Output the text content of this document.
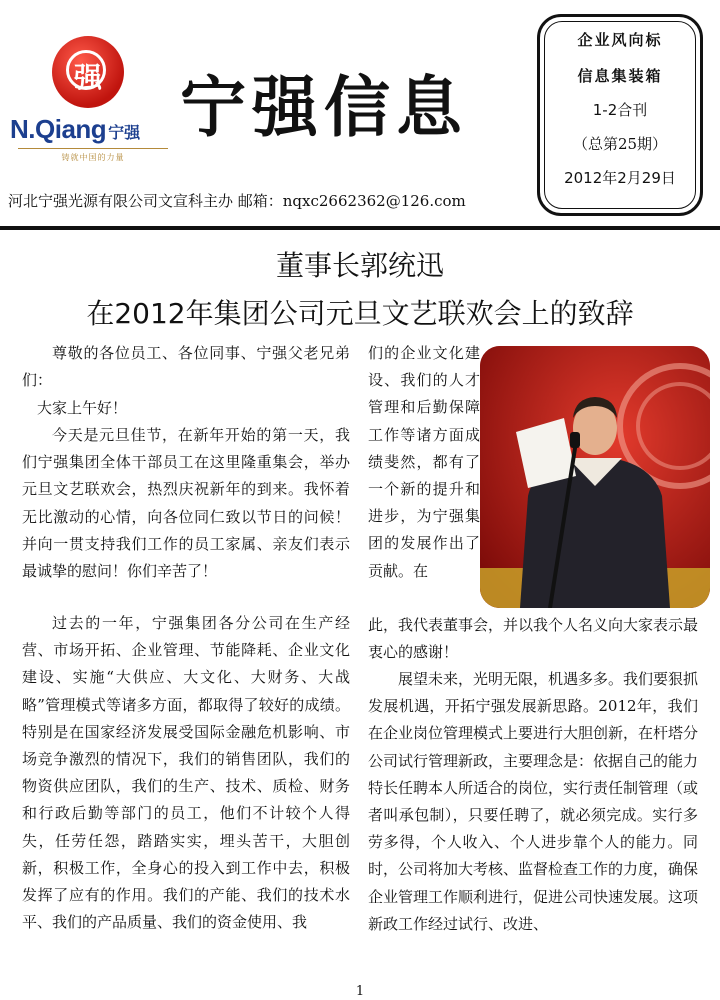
强
N.Qiang 宁强
铸就中国的力量
宁强信息
河北宁强光源有限公司文宣科主办 邮箱：nqxc2662362@126.com
企业风向标
信息集装箱
1-2合刊
（总第25期）
2012年2月29日
董事长郭统迅
在2012年集团公司元旦文艺联欢会上的致辞

尊敬的各位员工、各位同事、宁强父老兄弟们：

大家上午好！

今天是元旦佳节，在新年开始的第一天，我们宁强集团全体干部员工在这里隆重集会，举办元旦文艺联欢会，热烈庆祝新年的到来。我怀着无比激动的心情，向各位同仁致以节日的问候！并向一贯支持我们工作的员工家属、亲友们表示最诚挚的慰问！你们辛苦了！

过去的一年，宁强集团各分公司在生产经营、市场开拓、企业管理、节能降耗、企业文化建设、实施“大供应、大文化、大财务、大战略”管理模式等诸多方面，都取得了较好的成绩。特别是在国家经济发展受国际金融危机影响、市场竞争激烈的情况下，我们的销售团队，我们的物资供应团队，我们的生产、技术、质检、财务和行政后勤等部门的员工，他们不计较个人得失，任劳任怨，踏踏实实，埋头苦干，大胆创新，积极工作，全身心的投入到工作中去，积极发挥了应有的作用。我们的产能、我们的技术水平、我们的产品质量、我们的资金使用、我

们的企业文化建设、我们的人才管理和后勤保障工作等诸方面成绩斐然，都有了一个新的提升和进步，为宁强集团的发展作出了贡献。在

此，我代表董事会，并以我个人名义向大家表示最衷心的感谢！

展望未来，光明无限，机遇多多。我们要狠抓发展机遇，开拓宁强发展新思路。2012年，我们在企业岗位管理模式上要进行大胆创新，在杆塔分公司试行管理新政，主要理念是：依据自己的能力特长任聘本人所适合的岗位，实行责任制管理（或者叫承包制），只要任聘了，就必须完成。实行多劳多得，个人收入、个人进步靠个人的能力。同时，公司将加大考核、监督检查工作的力度，确保企业管理工作顺利进行，促进公司快速发展。这项新政工作经过试行、改进、

1
